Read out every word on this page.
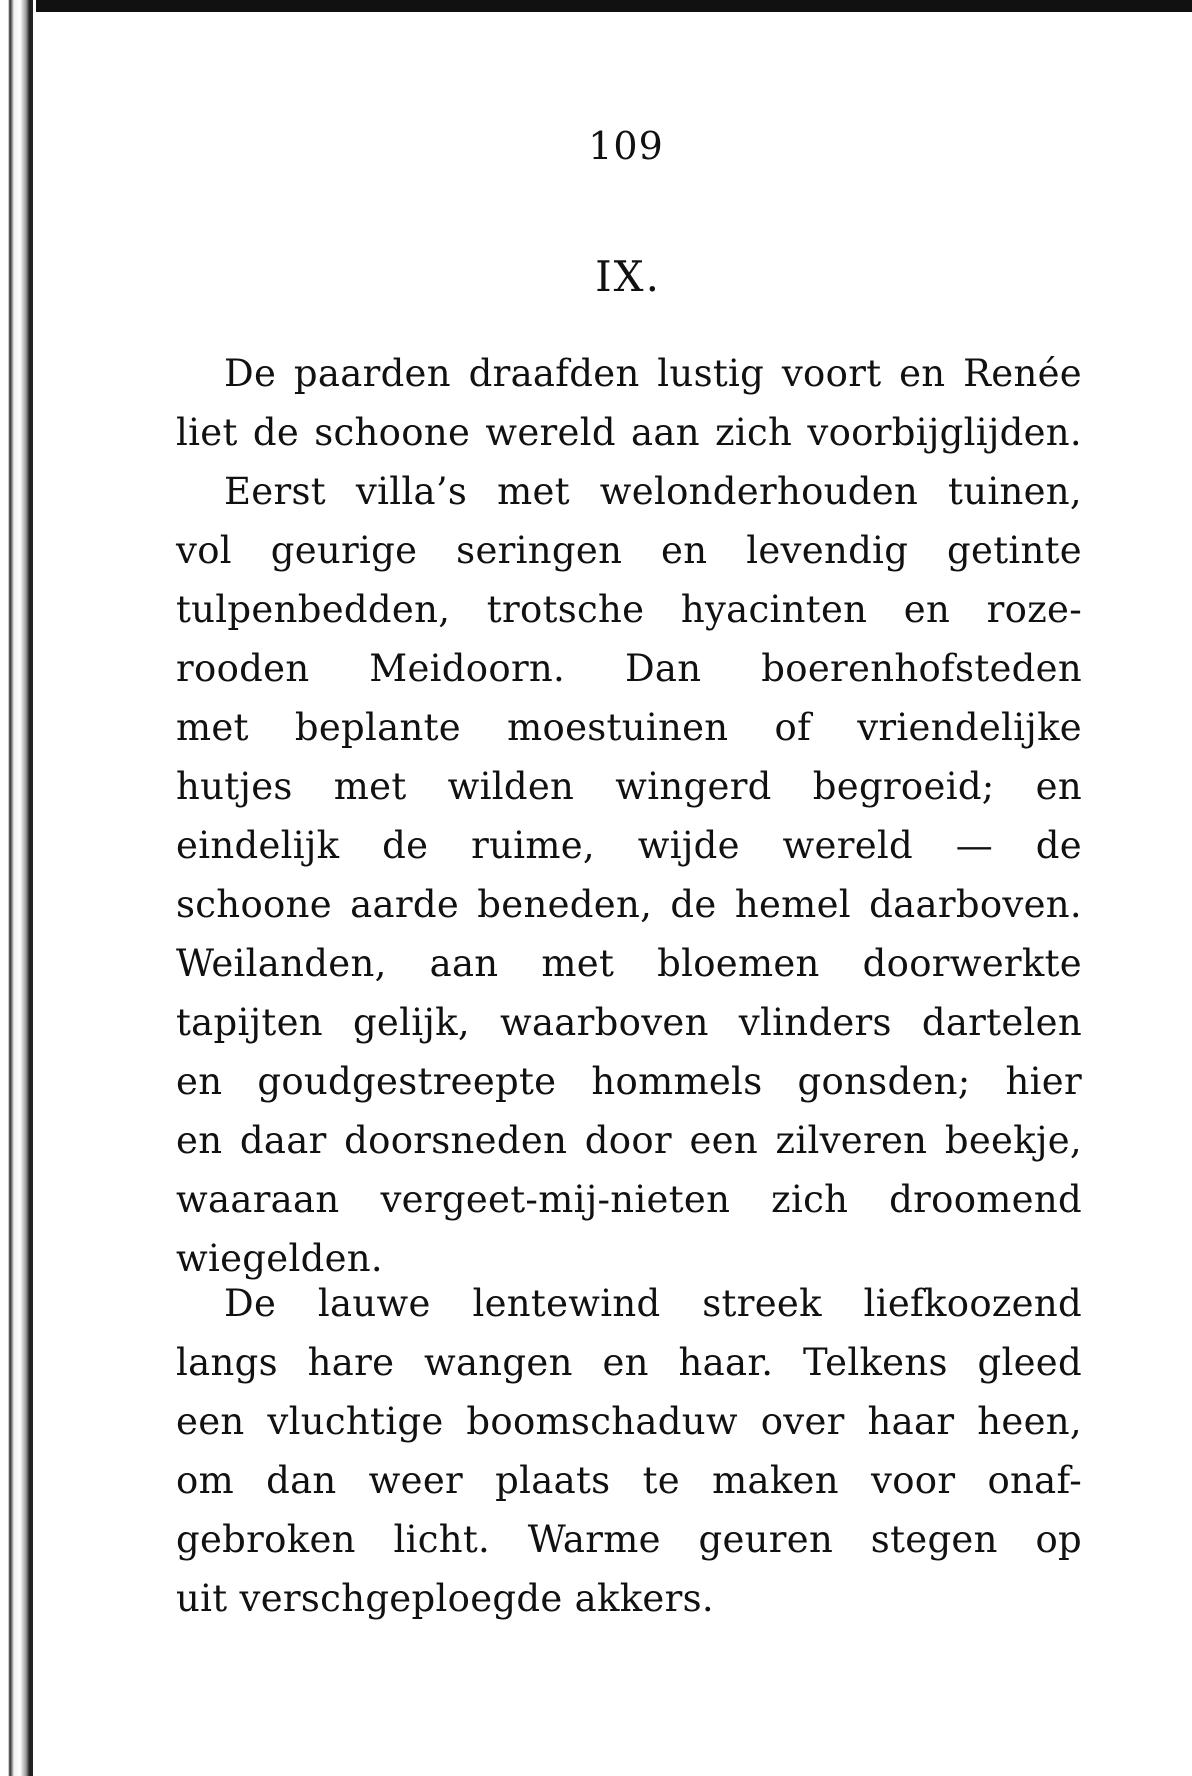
109
IX.
De paarden draafden lustig voort en Renée
liet de schoone wereld aan zich voorbijglijden.
Eerst villa’s met welonderhouden tuinen,
vol geurige seringen en levendig getinte
tulpenbedden, trotsche hyacinten en roze-
rooden Meidoorn. Dan boerenhofsteden
met beplante moestuinen of vriendelijke
hutjes met wilden wingerd begroeid; en
eindelijk de ruime, wijde wereld — de
schoone aarde beneden, de hemel daarboven.
Weilanden, aan met bloemen doorwerkte
tapijten gelijk, waarboven vlinders dartelen
en goudgestreepte hommels gonsden; hier
en daar doorsneden door een zilveren beekje,
waaraan vergeet-mij-nieten zich droomend
wiegelden.
De lauwe lentewind streek liefkoozend
langs hare wangen en haar. Telkens gleed
een vluchtige boomschaduw over haar heen,
om dan weer plaats te maken voor onaf-
gebroken licht. Warme geuren stegen op
uit verschgeploegde akkers.
